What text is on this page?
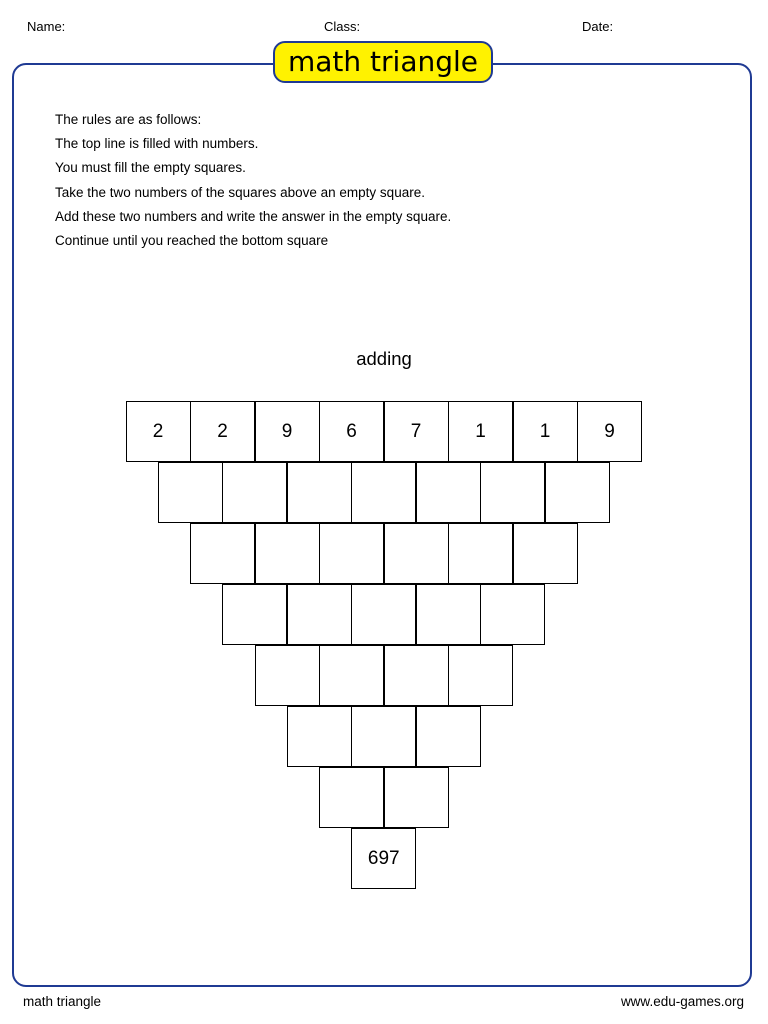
Name:	Class:	Date:
math triangle
The rules are as follows:
The top line is filled with numbers.
You must fill the empty squares.
Take the two numbers of the squares above an empty square.
Add these two numbers and write the answer in the empty square.
Continue until you reached the bottom square
adding
2	2	9	6	7	1	1	9
697
math triangle	www.edu-games.org
